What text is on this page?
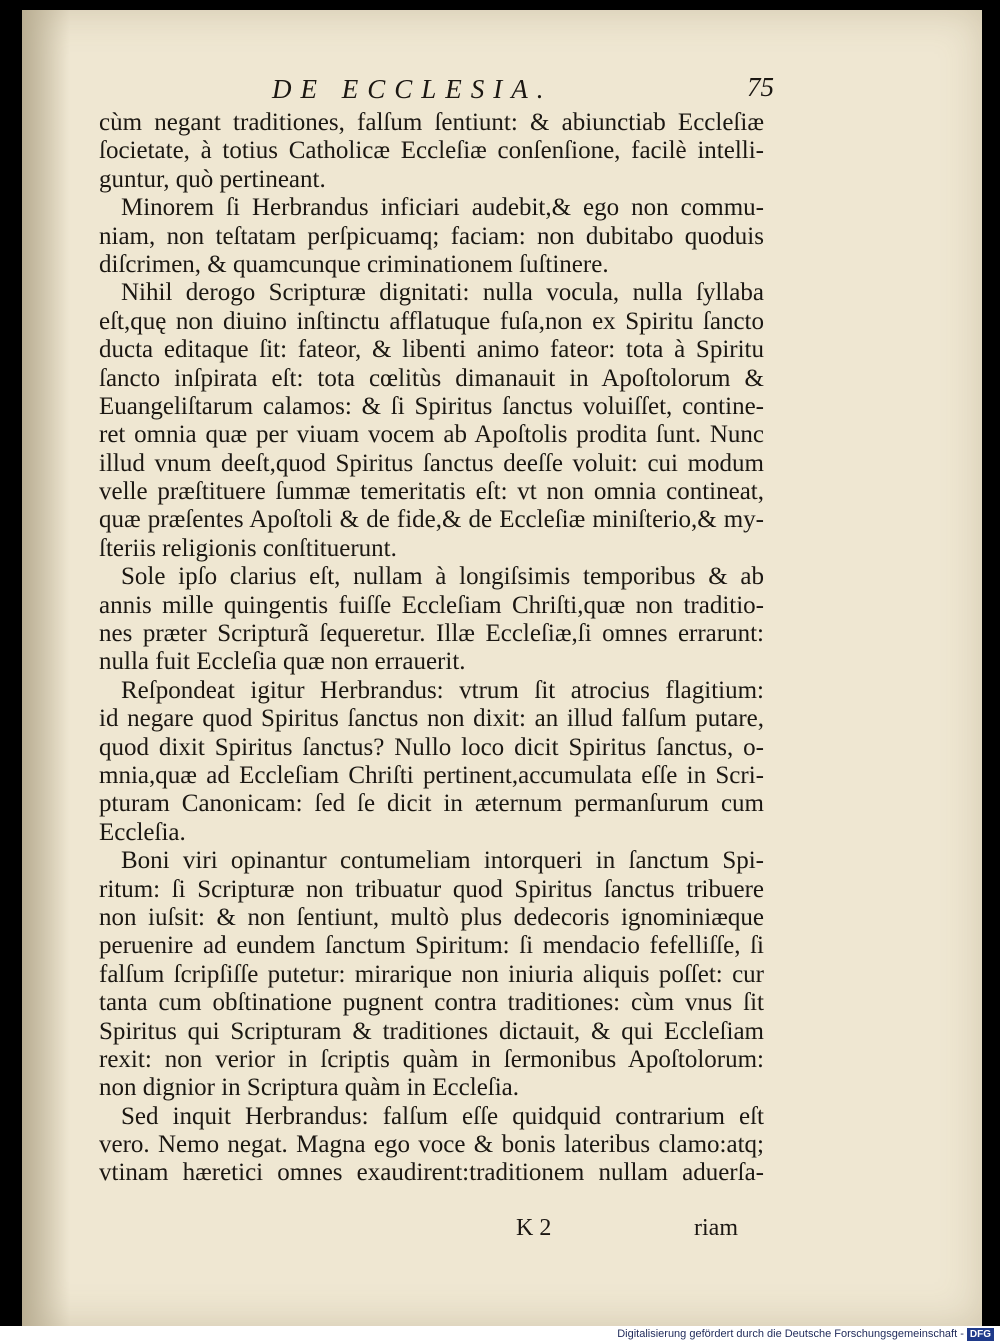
DE ECCLESIA.	75
cùm negant traditiones, falſum ſentiunt: & abiunctiab Eccleſiæ
ſocietate, à totius Catholicæ Eccleſiæ conſenſione, facilè intelli-
guntur, quò pertineant.
Minorem ſi Herbrandus inficiari audebit,& ego non commu-
niam, non teſtatam perſpicuamq; faciam: non dubitabo quoduis
diſcrimen, & quamcunque criminationem ſuſtinere.
Nihil derogo Scripturæ dignitati: nulla vocula, nulla ſyllaba
eſt,quę non diuino inſtinctu afflatuque fuſa,non ex Spiritu ſancto
ducta editaque ſit: fateor, & libenti animo fateor: tota à Spiritu
ſancto inſpirata eſt: tota cœlitùs dimanauit in Apoſtolorum &
Euangeliſtarum calamos: & ſi Spiritus ſanctus voluiſſet, contine-
ret omnia quæ per viuam vocem ab Apoſtolis prodita ſunt. Nunc
illud vnum deeſt,quod Spiritus ſanctus deeſſe voluit: cui modum
velle præſtituere ſummæ temeritatis eſt: vt non omnia contineat,
quæ præſentes Apoſtoli & de fide,& de Eccleſiæ miniſterio,& my-
ſteriis religionis conſtituerunt.
Sole ipſo clarius eſt, nullam à longiſsimis temporibus & ab
annis mille quingentis fuiſſe Eccleſiam Chriſti,quæ non traditio-
nes præter Scripturã ſequeretur. Illæ Eccleſiæ,ſi omnes errarunt:
nulla fuit Eccleſia quæ non errauerit.
Reſpondeat igitur Herbrandus: vtrum ſit atrocius flagitium:
id negare quod Spiritus ſanctus non dixit: an illud falſum putare,
quod dixit Spiritus ſanctus? Nullo loco dicit Spiritus ſanctus, o-
mnia,quæ ad Eccleſiam Chriſti pertinent,accumulata eſſe in Scri-
pturam Canonicam: ſed ſe dicit in æternum permanſurum cum
Eccleſia.
Boni viri opinantur contumeliam intorqueri in ſanctum Spi-
ritum: ſi Scripturæ non tribuatur quod Spiritus ſanctus tribuere
non iuſsit: & non ſentiunt, multò plus dedecoris ignominiæque
peruenire ad eundem ſanctum Spiritum: ſi mendacio fefelliſſe, ſi
falſum ſcripſiſſe putetur: mirarique non iniuria aliquis poſſet: cur
tanta cum obſtinatione pugnent contra traditiones: cùm vnus ſit
Spiritus qui Scripturam & traditiones dictauit, & qui Eccleſiam
rexit: non verior in ſcriptis quàm in ſermonibus Apoſtolorum:
non dignior in Scriptura quàm in Eccleſia.
Sed inquit Herbrandus: falſum eſſe quidquid contrarium eſt
vero. Nemo negat. Magna ego voce & bonis lateribus clamo:atq;
vtinam hæretici omnes exaudirent:traditionem nullam aduerſa-
K 2	riam
Digitalisierung gefördert durch die Deutsche Forschungsgemeinschaft - DFG
